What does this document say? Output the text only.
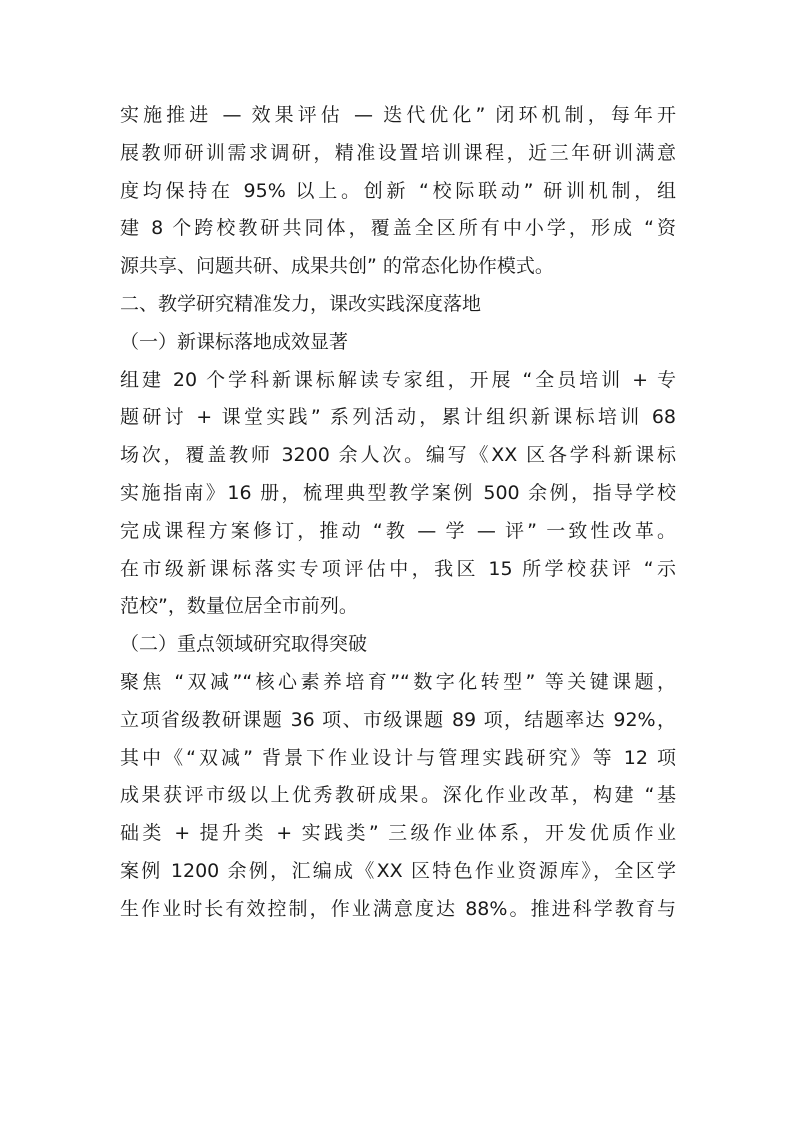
实施推进 — 效果评估 — 迭代优化” 闭环机制，每年开
展教师研训需求调研，精准设置培训课程，近三年研训满意
度均保持在 95% 以上。创新 “校际联动” 研训机制，组
建 8 个跨校教研共同体，覆盖全区所有中小学，形成 “资
源共享、问题共研、成果共创” 的常态化协作模式。
二、教学研究精准发力，课改实践深度落地
（一）新课标落地成效显著
组建 20 个学科新课标解读专家组，开展 “全员培训 + 专
题研讨 + 课堂实践” 系列活动，累计组织新课标培训 68
场次，覆盖教师 3200 余人次。编写《XX 区各学科新课标
实施指南》16 册，梳理典型教学案例 500 余例，指导学校
完成课程方案修订，推动 “教 — 学 — 评” 一致性改革。
在市级新课标落实专项评估中，我区 15 所学校获评 “示
范校”，数量位居全市前列。
（二）重点领域研究取得突破
聚焦 “双减”“核心素养培育”“数字化转型” 等关键课题，
立项省级教研课题 36 项、市级课题 89 项，结题率达 92%，
其中《“双减” 背景下作业设计与管理实践研究》等 12 项
成果获评市级以上优秀教研成果。深化作业改革，构建 “基
础类 + 提升类 + 实践类” 三级作业体系，开发优质作业
案例 1200 余例，汇编成《XX 区特色作业资源库》，全区学
生作业时长有效控制，作业满意度达 88%。推进科学教育与
